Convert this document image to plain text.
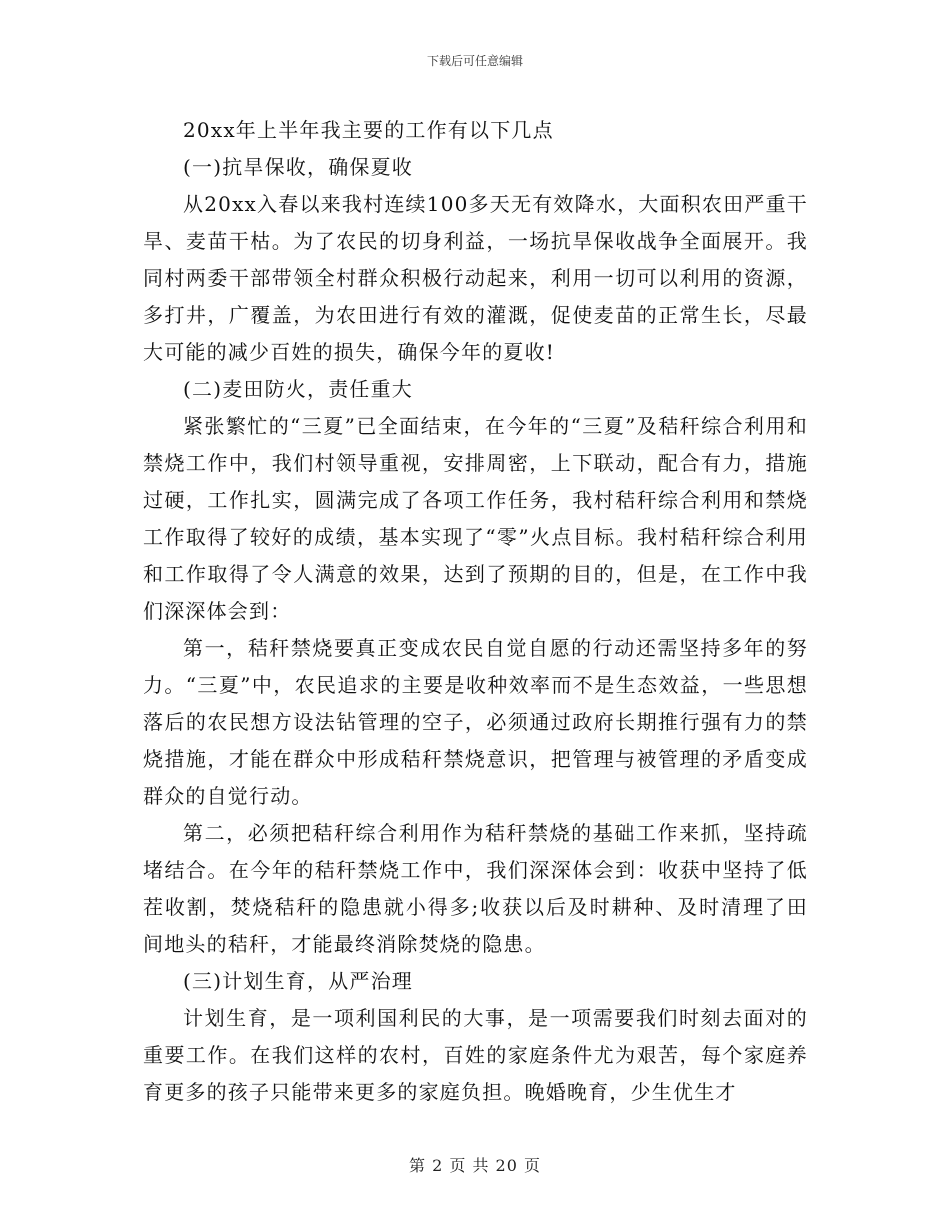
下载后可任意编辑

20xx年上半年我主要的工作有以下几点

(一)抗旱保收，确保夏收

从20xx入春以来我村连续100多天无有效降水，大面积农田严重干旱、麦苗干枯。为了农民的切身利益，一场抗旱保收战争全面展开。我同村两委干部带领全村群众积极行动起来，利用一切可以利用的资源，多打井，广覆盖，为农田进行有效的灌溉，促使麦苗的正常生长，尽最大可能的减少百姓的损失，确保今年的夏收!

(二)麦田防火，责任重大

紧张繁忙的“三夏”已全面结束，在今年的“三夏”及秸秆综合利用和禁烧工作中，我们村领导重视，安排周密，上下联动，配合有力，措施过硬，工作扎实，圆满完成了各项工作任务，我村秸秆综合利用和禁烧工作取得了较好的成绩，基本实现了“零”火点目标。我村秸秆综合利用和工作取得了令人满意的效果，达到了预期的目的，但是，在工作中我们深深体会到：

第一，秸秆禁烧要真正变成农民自觉自愿的行动还需坚持多年的努力。“三夏”中，农民追求的主要是收种效率而不是生态效益，一些思想落后的农民想方设法钻管理的空子，必须通过政府长期推行强有力的禁烧措施，才能在群众中形成秸秆禁烧意识，把管理与被管理的矛盾变成群众的自觉行动。

第二，必须把秸秆综合利用作为秸秆禁烧的基础工作来抓，坚持疏堵结合。在今年的秸秆禁烧工作中，我们深深体会到：收获中坚持了低茬收割，焚烧秸秆的隐患就小得多;收获以后及时耕种、及时清理了田间地头的秸秆，才能最终消除焚烧的隐患。

(三)计划生育，从严治理

计划生育，是一项利国利民的大事，是一项需要我们时刻去面对的重要工作。在我们这样的农村，百姓的家庭条件尤为艰苦，每个家庭养育更多的孩子只能带来更多的家庭负担。晚婚晚育，少生优生才

第 2 页 共 20 页
